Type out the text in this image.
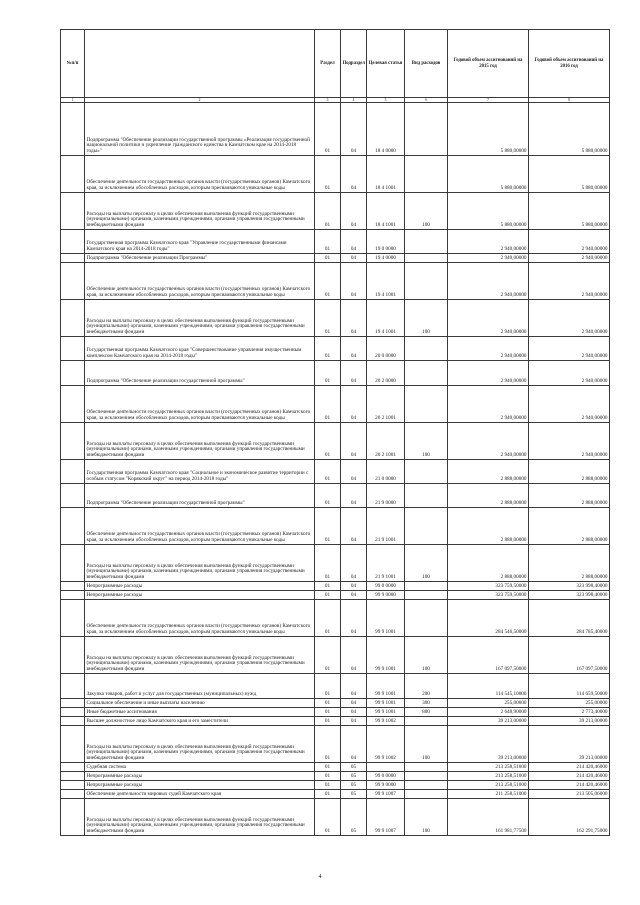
№п/п		Раздел	Подраздел	Целевая статья	Вид расходов	Годовой объем ассигнований на 2015 год	Годовой объем ассигнований на 2016 год
1	2	3	4	5	6	7	8
	Подпрограмма "Обеспечение реализации государственной программы «Реализация государственной национальной политики и укрепление гражданского единства в Камчатском крае на 2014-2018 годы»"	01	04	18 4 0000		5 880,00000	5 880,00000
	Обеспечение деятельности государственных органов власти (государственных органов) Камчатского края, за исключением обособленных расходов, которым присваиваются уникальные коды	01	04	18 4 1001		5 880,00000	5 880,00000
	Расходы на выплаты персоналу в целях обеспечения выполнения функций государственными (муниципальными) органами, казенными учреждениями, органами управления государственными внебюджетными фондами	01	04	18 4 1001	100	5 880,00000	5 880,00000
	Государственная программа Камчатского края "Управление государственными финансами Камчатского края на 2014-2018 годы"	01	04	19 0 0000		2 940,00000	2 940,00000
	Подпрограмма "Обеспечение реализации Программы"	01	04	19 4 0000		2 940,00000	2 940,00000
	Обеспечение деятельности государственных органов власти (государственных органов) Камчатского края, за исключением обособленных расходов, которым присваиваются уникальные коды	01	04	19 4 1001		2 940,00000	2 940,00000
	Расходы на выплаты персоналу в целях обеспечения выполнения функций государственными (муниципальными) органами, казенными учреждениями, органами управления государственными внебюджетными фондами	01	04	19 4 1001	100	2 940,00000	2 940,00000
	Государственная программа Камчатского края "Совершенствование управления имущественным комплексом Камчатского края на 2014-2018 годы"	01	04	20 0 0000		2 940,00000	2 940,00000
	Подпрограмма "Обеспечение реализации государственной программы"	01	04	20 2 0000		2 940,00000	2 940,00000
	Обеспечение деятельности государственных органов власти (государственных органов) Камчатского края, за исключением обособленных расходов, которым присваиваются уникальные коды	01	04	20 2 1001		2 940,00000	2 940,00000
	Расходы на выплаты персоналу в целях обеспечения выполнения функций государственными (муниципальными) органами, казенными учреждениями, органами управления государственными внебюджетными фондами	01	04	20 2 1001	100	2 940,00000	2 940,00000
	Государственная программа Камчатского края "Социальное и экономическое развитие территории с особым статусом "Корякский округ" на период 2014-2018 годы"	01	04	21 0 0000		2 888,00000	2 888,00000
	Подпрограмма "Обеспечение реализации государственной программы"	01	04	21 9 0000		2 888,00000	2 888,00000
	Обеспечение деятельности государственных органов власти (государственных органов) Камчатского края, за исключением обособленных расходов, которым присваиваются уникальные коды	01	04	21 9 1001		2 888,00000	2 888,00000
	Расходы на выплаты персоналу в целях обеспечения выполнения функций государственными (муниципальными) органами, казенными учреждениями, органами управления государственными внебюджетными фондами	01	04	21 9 1001	100	2 888,00000	2 888,00000
	Непрограммные расходы	01	04	99 0 0000		323 759,50000	323 998,40000
	Непрограммные расходы	01	04	99 9 0000		323 759,50000	323 998,40000
	Обеспечение деятельности государственных органов власти (государственных органов) Камчатского края, за исключением обособленных расходов, которым присваиваются уникальные коды	01	04	99 9 1001		284 546,50000	284 785,40000
	Расходы на выплаты персоналу в целях обеспечения выполнения функций государственными (муниципальными) органами, казенными учреждениями, органами управления государственными внебюджетными фондами	01	04	99 9 1001	100	167 097,50000	167 097,50000
	Закупка товаров, работ и услуг для государственных (муниципальных) нужд	01	04	99 9 1001	200	114 545,10000	114 659,50000
	Социальное обеспечение и иные выплаты населению	01	04	99 9 1001	300	255,00000	255,00000
	Иные бюджетные ассигнования	01	04	99 9 1001	800	2 648,90000	2 773,40000
	Высшее должностное лицо Камчатского края и его заместители	01	04	99 9 1002		39 213,00000	39 213,00000
	Расходы на выплаты персоналу в целях обеспечения выполнения функций государственными (муниципальными) органами, казенными учреждениями, органами управления государственными внебюджетными фондами	01	04	99 9 1002	100	39 213,00000	39 213,00000
	Судебная система	01	05			213 258,51000	214 420,46000
	Непрограммные расходы	01	05	99 0 0000		213 258,51000	214 420,46000
	Непрограммные расходы	01	05	99 9 0000		213 258,51000	214 420,46000
	Обеспечение деятельности мировых судей Камчатского края	01	05	99 9 1007		211 258,51000	213 505,06000
	Расходы на выплаты персоналу в целях обеспечения выполнения функций государственными (муниципальными) органами, казенными учреждениями, органами управления государственными внебюджетными фондами	01	05	99 9 1007	100	161 981,77500	162 291,75000
4
